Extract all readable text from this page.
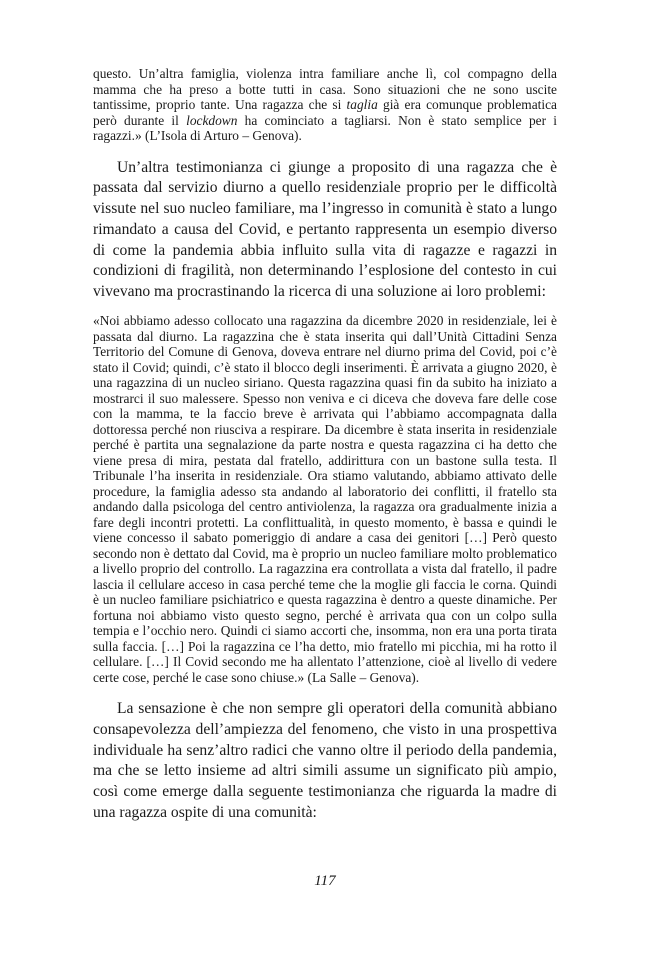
questo. Un’altra famiglia, violenza intra familiare anche lì, col compagno della mamma che ha preso a botte tutti in casa. Sono situazioni che ne sono uscite tantissime, proprio tante. Una ragazza che si taglia già era comunque problematica però durante il lockdown ha cominciato a tagliarsi. Non è stato semplice per i ragazzi.» (L’Isola di Arturo – Genova).

Un’altra testimonianza ci giunge a proposito di una ragazza che è passata dal servizio diurno a quello residenziale proprio per le difficoltà vissute nel suo nucleo familiare, ma l’ingresso in comunità è stato a lungo rimandato a causa del Covid, e pertanto rappresenta un esempio diverso di come la pandemia abbia influito sulla vita di ragazze e ragazzi in condizioni di fragilità, non determinando l’esplosione del contesto in cui vivevano ma procrastinando la ricerca di una soluzione ai loro problemi:

«Noi abbiamo adesso collocato una ragazzina da dicembre 2020 in residenziale, lei è passata dal diurno. La ragazzina che è stata inserita qui dall’Unità Cittadini Senza Territorio del Comune di Genova, doveva entrare nel diurno prima del Covid, poi c’è stato il Covid; quindi, c’è stato il blocco degli inserimenti. È arrivata a giugno 2020, è una ragazzina di un nucleo siriano. Questa ragazzina quasi fin da subito ha iniziato a mostrarci il suo malessere. Spesso non veniva e ci diceva che doveva fare delle cose con la mamma, te la faccio breve è arrivata qui l’abbiamo accompagnata dalla dottoressa perché non riusciva a respirare. Da dicembre è stata inserita in residenziale perché è partita una segnalazione da parte nostra e questa ragazzina ci ha detto che viene presa di mira, pestata dal fratello, addirittura con un bastone sulla testa. Il Tribunale l’ha inserita in residenziale. Ora stiamo valutando, abbiamo attivato delle procedure, la famiglia adesso sta andando al laboratorio dei conflitti, il fratello sta andando dalla psicologa del centro antiviolenza, la ragazza ora gradualmente inizia a fare degli incontri protetti. La conflittualità, in questo momento, è bassa e quindi le viene concesso il sabato pomeriggio di andare a casa dei genitori […] Però questo secondo non è dettato dal Covid, ma è proprio un nucleo familiare molto problematico a livello proprio del controllo. La ragazzina era controllata a vista dal fratello, il padre lascia il cellulare acceso in casa perché teme che la moglie gli faccia le corna. Quindi è un nucleo familiare psichiatrico e questa ragazzina è dentro a queste dinamiche. Per fortuna noi abbiamo visto questo segno, perché è arrivata qua con un colpo sulla tempia e l’occhio nero. Quindi ci siamo accorti che, insomma, non era una porta tirata sulla faccia. […] Poi la ragazzina ce l’ha detto, mio fratello mi picchia, mi ha rotto il cellulare. […] Il Covid secondo me ha allentato l’attenzione, cioè al livello di vedere certe cose, perché le case sono chiuse.» (La Salle – Genova).

La sensazione è che non sempre gli operatori della comunità abbiano consapevolezza dell’ampiezza del fenomeno, che visto in una prospettiva individuale ha senz’altro radici che vanno oltre il periodo della pandemia, ma che se letto insieme ad altri simili assume un significato più ampio, così come emerge dalla seguente testimonianza che riguarda la madre di una ragazza ospite di una comunità:

117
